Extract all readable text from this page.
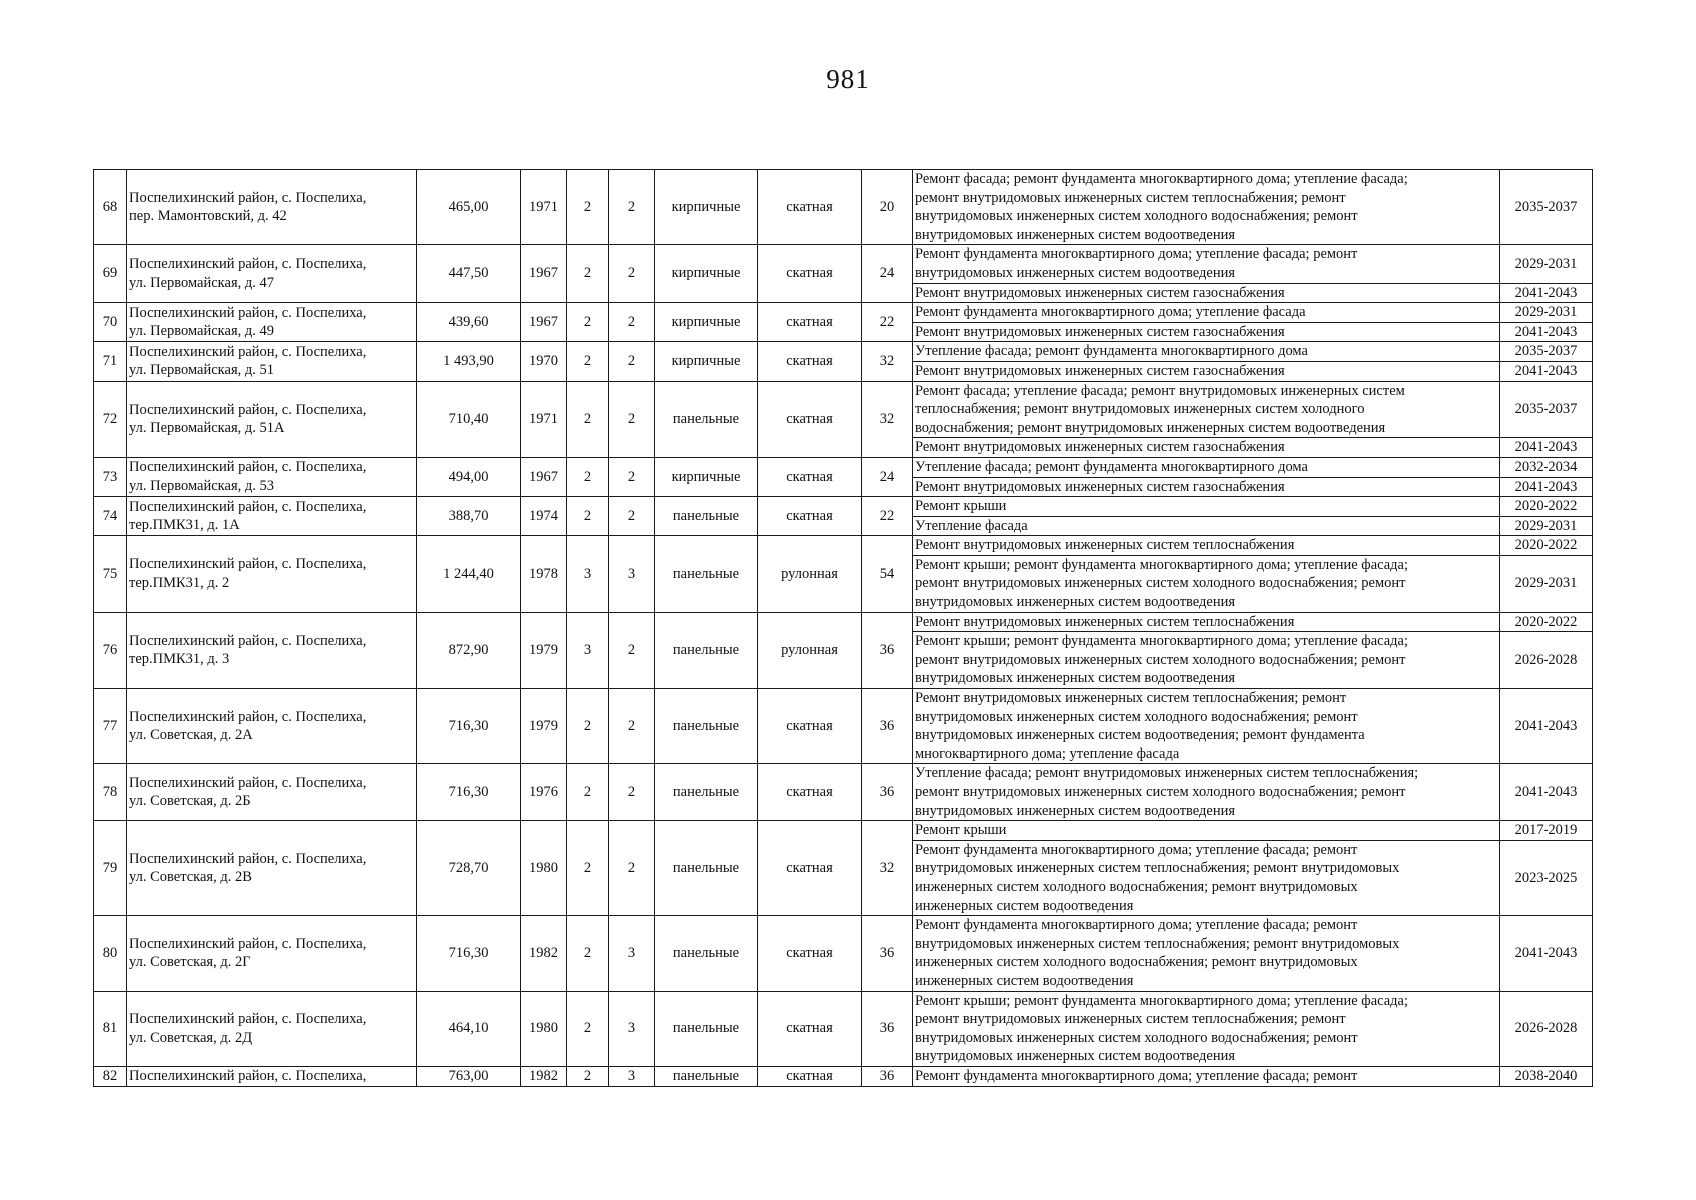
981
68	Поспелихинский район, с. Поспелиха,
пер. Мамонтовский, д. 42	465,00	1971	2	2	кирпичные	скатная	20	Ремонт фасада; ремонт фундамента многоквартирного дома; утепление фасада;
ремонт внутридомовых инженерных систем теплоснабжения; ремонт
внутридомовых инженерных систем холодного водоснабжения; ремонт
внутридомовых инженерных систем водоотведения	2035-2037
69	Поспелихинский район, с. Поспелиха,
ул. Первомайская, д. 47	447,50	1967	2	2	кирпичные	скатная	24	Ремонт фундамента многоквартирного дома; утепление фасада; ремонт
внутридомовых инженерных систем водоотведения	2029-2031

									Ремонт внутридомовых инженерных систем газоснабжения	2041-2043
70	Поспелихинский район, с. Поспелиха,
ул. Первомайская, д. 49	439,60	1967	2	2	кирпичные	скатная	22	Ремонт фундамента многоквартирного дома; утепление фасада	2029-2031

									Ремонт внутридомовых инженерных систем газоснабжения	2041-2043
71	Поспелихинский район, с. Поспелиха,
ул. Первомайская, д. 51	1 493,90	1970	2	2	кирпичные	скатная	32	Утепление фасада; ремонт фундамента многоквартирного дома	2035-2037

									Ремонт внутридомовых инженерных систем газоснабжения	2041-2043
72	Поспелихинский район, с. Поспелиха,
ул. Первомайская, д. 51А	710,40	1971	2	2	панельные	скатная	32	Ремонт фасада; утепление фасада; ремонт внутридомовых инженерных систем
теплоснабжения; ремонт внутридомовых инженерных систем холодного
водоснабжения; ремонт внутридомовых инженерных систем водоотведения	2035-2037

									Ремонт внутридомовых инженерных систем газоснабжения	2041-2043
73	Поспелихинский район, с. Поспелиха,
ул. Первомайская, д. 53	494,00	1967	2	2	кирпичные	скатная	24	Утепление фасада; ремонт фундамента многоквартирного дома	2032-2034

									Ремонт внутридомовых инженерных систем газоснабжения	2041-2043
74	Поспелихинский район, с. Поспелиха,
тер.ПМК31, д. 1А	388,70	1974	2	2	панельные	скатная	22	Ремонт крыши	2020-2022

									Утепление фасада	2029-2031
75	Поспелихинский район, с. Поспелиха,
тер.ПМК31, д. 2	1 244,40	1978	3	3	панельные	рулонная	54	Ремонт внутридомовых инженерных систем теплоснабжения	2020-2022

									Ремонт крыши; ремонт фундамента многоквартирного дома; утепление фасада;
ремонт внутридомовых инженерных систем холодного водоснабжения; ремонт
внутридомовых инженерных систем водоотведения	2029-2031
76	Поспелихинский район, с. Поспелиха,
тер.ПМК31, д. 3	872,90	1979	3	2	панельные	рулонная	36	Ремонт внутридомовых инженерных систем теплоснабжения	2020-2022

									Ремонт крыши; ремонт фундамента многоквартирного дома; утепление фасада;
ремонт внутридомовых инженерных систем холодного водоснабжения; ремонт
внутридомовых инженерных систем водоотведения	2026-2028
77	Поспелихинский район, с. Поспелиха,
ул. Советская, д. 2А	716,30	1979	2	2	панельные	скатная	36	Ремонт внутридомовых инженерных систем теплоснабжения; ремонт
внутридомовых инженерных систем холодного водоснабжения; ремонт
внутридомовых инженерных систем водоотведения; ремонт фундамента
многоквартирного дома; утепление фасада	2041-2043
78	Поспелихинский район, с. Поспелиха,
ул. Советская, д. 2Б	716,30	1976	2	2	панельные	скатная	36	Утепление фасада; ремонт внутридомовых инженерных систем теплоснабжения;
ремонт внутридомовых инженерных систем холодного водоснабжения; ремонт
внутридомовых инженерных систем водоотведения	2041-2043
79	Поспелихинский район, с. Поспелиха,
ул. Советская, д. 2В	728,70	1980	2	2	панельные	скатная	32	Ремонт крыши	2017-2019

									Ремонт фундамента многоквартирного дома; утепление фасада; ремонт
внутридомовых инженерных систем теплоснабжения; ремонт внутридомовых
инженерных систем холодного водоснабжения; ремонт внутридомовых
инженерных систем водоотведения	2023-2025
80	Поспелихинский район, с. Поспелиха,
ул. Советская, д. 2Г	716,30	1982	2	3	панельные	скатная	36	Ремонт фундамента многоквартирного дома; утепление фасада; ремонт
внутридомовых инженерных систем теплоснабжения; ремонт внутридомовых
инженерных систем холодного водоснабжения; ремонт внутридомовых
инженерных систем водоотведения	2041-2043
81	Поспелихинский район, с. Поспелиха,
ул. Советская, д. 2Д	464,10	1980	2	3	панельные	скатная	36	Ремонт крыши; ремонт фундамента многоквартирного дома; утепление фасада;
ремонт внутридомовых инженерных систем теплоснабжения; ремонт
внутридомовых инженерных систем холодного водоснабжения; ремонт
внутридомовых инженерных систем водоотведения	2026-2028
82	Поспелихинский район, с. Поспелиха,	763,00	1982	2	3	панельные	скатная	36	Ремонт фундамента многоквартирного дома; утепление фасада; ремонт	2038-2040
